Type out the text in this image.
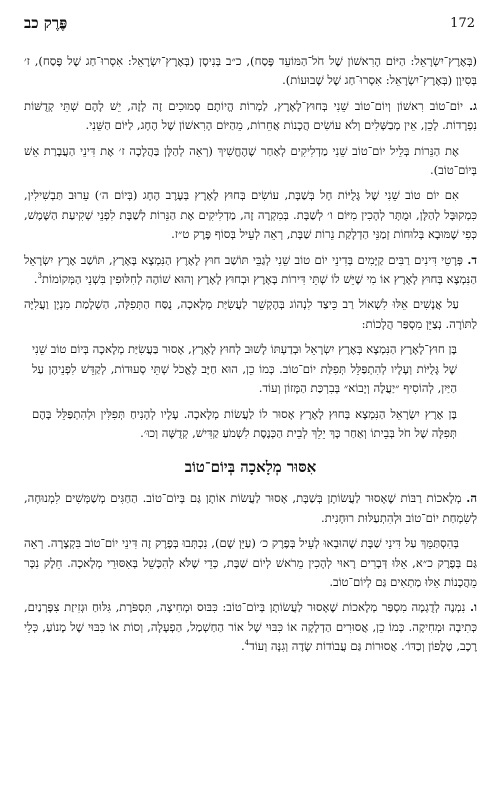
פֶּרֶק כב	172

(בְּאֶרֶץ־יִשְׂרָאֵל: הַיּוֹם הָרִאשׁוֹן שֶׁל חֹל־הַמּוֹעֵד פֶּסַח), כ״ב בְּנִיסָן (בְּאֶרֶץ־יִשְׂרָאֵל: אִסְרוּ־חַג שֶׁל פֶּסַח), ז׳ בְּסִיוָן (בְּאֶרֶץ־יִשְׂרָאֵל: אִסְרוּ־חַג שֶׁל שָׁבוּעוֹת).

ג. יוֹם־טוֹב רִאשׁוֹן וְיוֹם־טוֹב שֵׁנִי בְּחוּץ־לָאָרֶץ, לַמְרוֹת הֱיוֹתָם סְמוּכִים זֶה לָזֶה, יֵשׁ לָהֶם שְׁתֵּי קְדֻשּׁוֹת נִפְרָדוֹת. לָכֵן, אֵין מְבַשְּׁלִים וְלֹא עוֹשִׂים הֲכָנוֹת אֲחֵרוֹת, מֵהַיּוֹם הָרִאשׁוֹן שֶׁל הֶחָג, לַיּוֹם הַשֵּׁנִי.

אֶת הַנֵּרוֹת בְּלֵיל יוֹם־טוֹב שֵׁנִי מַדְלִיקִים לְאַחַר שֶׁהֶחֱשִׁיךְ (רְאֵה לְהַלָּן בַּהֲלָכָה ז׳ אֶת דִּינֵי הַעֲבָרַת אֵשׁ בְּיוֹם־טוֹב).

אִם יוֹם טוֹב שֵׁנִי שֶׁל גָּלֻיּוֹת חָל בְּשַׁבָּת, עוֹשִׂים בְּחוּץ לָאָרֶץ בְּעֶרֶב הֶחָג (בְּיוֹם ה׳) עֵרוּב תַּבְשִׁילִין, כִּמְקוּבָּל לְהַלָּן, וּמֻתָּר לְהָכִין מִיּוֹם ו׳ לְשַׁבָּת. בְּמִקְרֶה זֶה, מַדְלִיקִים אֶת הַנֵּרוֹת לְשַׁבָּת לִפְנֵי שְׁקִיעַת הַשֶּׁמֶשׁ, כְּפִי שֶׁמּוּבָא בְּלוּחוֹת זְמַנֵּי הַדְלָקַת נֵרוֹת שַׁבָּת, רְאֵה לְעֵיל בְּסוֹף פֶּרֶק ט״ז.

ד. פְּרָטֵי דִּינִים רַבִּים קַיָּמִים בְּדִינֵי יוֹם טוֹב שֵׁנִי לְגַבֵּי תּוֹשַׁב חוּץ לָאָרֶץ הַנִּמְצָא בָּאָרֶץ, תּוֹשַׁב אֶרֶץ יִשְׂרָאֵל הַנִּמְצָא בְּחוּץ לָאָרֶץ אוֹ מִי שֶׁיֵּשׁ לוֹ שְׁתֵּי דִּירוֹת בָּאָרֶץ וּבְחוּץ לָאָרֶץ וְהוּא שׁוֹהֶה לְחִלּוּפִין בִּשְׁנֵי הַמְּקוֹמוֹת$^3$.

עַל אֲנָשִׁים אֵלּוּ לִשְׁאוֹל רַב כֵּיצַד לִנְהוֹג בְּהֶקְשֵׁר לַעֲשִׂיַּת מְלָאכָה, נֻסַּח הַתְּפִלָּה, הַשְׁלָמַת מִנְיָן וַעֲלִיָּה לַתּוֹרָה. נְצַיֵּן מִסְפַּר הֲלָכוֹת:

בֶּן חוּץ־לָאָרֶץ הַנִּמְצָא בְּאֶרֶץ יִשְׂרָאֵל וּבְדַעְתּוֹ לָשׁוּב לְחוּץ לָאָרֶץ, אָסוּר בַּעֲשִׂיַּת מְלָאכָה בְּיוֹם טוֹב שֵׁנִי שֶׁל גָּלֻיּוֹת וְעָלָיו לְהִתְפַּלֵּל תְּפִלַּת יוֹם־טוֹב. כְּמוֹ כֵן, הוּא חַיָּב לֶאֱכֹל שְׁתֵּי סְעוּדוֹת, לְקַדֵּשׁ לִפְנֵיהֶן עַל הַיַּיִן, לְהוֹסִיף ״יַעֲלֶה וְיָבוֹא״ בְּבִרְכַּת הַמָּזוֹן וְעוֹד.

בֶּן אֶרֶץ יִשְׂרָאֵל הַנִּמְצָא בְּחוּץ לָאָרֶץ אָסוּר לוֹ לַעֲשׂוֹת מְלָאכָה. עָלָיו לְהָנִיחַ תְּפִלִּין וּלְהִתְפַּלֵּל בָּהֶם תְּפִלָּה שֶׁל חֹל בְּבֵיתוֹ וְאַחַר כָּךְ יֵלֵךְ לְבֵית הַכְּנֶסֶת לִשְׁמֹעַ קַדִּישׁ, קְדֻשָּׁה וְכוּ׳.

אִסּוּר מְלָאכָה בְּיוֹם־טוֹב

ה. מְלָאכוֹת רַבּוֹת שֶׁאָסוּר לַעֲשׂוֹתָן בְּשַׁבָּת, אָסוּר לַעֲשׂוֹת אוֹתָן גַּם בְּיוֹם־טוֹב. הַחַגִּים מְשַׁמְּשִׁים לִמְנוּחָה, לְשִׂמְחַת יוֹם־טוֹב וּלְהִתְעַלּוּת רוּחָנִית.

בְּהִסְתַּמֵּךְ עַל דִּינֵי שַׁבָּת שֶׁהוּבְאוּ לְעֵיל בְּפֶרֶק כ׳ (עַיֵּן שָׁם), נִכְתְּבוּ בְּפֶרֶק זֶה דִּינֵי יוֹם־טוֹב בִּקְצָרָה. רְאֵה גַּם בְּפֶרֶק כ״א, אֵלּוּ דְּבָרִים רָאוּי לְהָכִין מֵרֹאשׁ לְיוֹם שַׁבָּת, כְּדֵי שֶׁלֹּא לְהִכָּשֵׁל בְּאִסּוּרֵי מְלָאכָה. חֵלֶק נִכָּר מֵהֲכָנוֹת אֵלּוּ מַתְאִים גַּם לְיוֹם־טוֹב.

ו. נִמְנֶה לְדֻגְמָה מִסְפַּר מְלָאכוֹת שֶׁאָסוּר לַעֲשׂוֹתָן בְּיוֹם־טוֹב: כִּבּוּס וּמְחִיצָה, תִּסְפֹּרֶת, גִּלּוּחַ וּגְזִיזַת צִפָּרְנַיִם, כְּתִיבָה וּמְחִיקָה. כְּמוֹ כֵן, אֲסוּרִים הַדְלָקָה אוֹ כִּבּוּי שֶׁל אוֹר הַחַשְׁמַל, הַפְעָלָה, וְסוֹת אוֹ כִּבּוּי שֶׁל מָנוֹעַ, כְּלֵי רֶכֶב, טֶלֶפוֹן וְכַדּוֹ׳. אֲסוּרוֹת גַּם עֲבוֹדוֹת שָׂדֶה וְגִנָּה וְעוֹד$^4$.
